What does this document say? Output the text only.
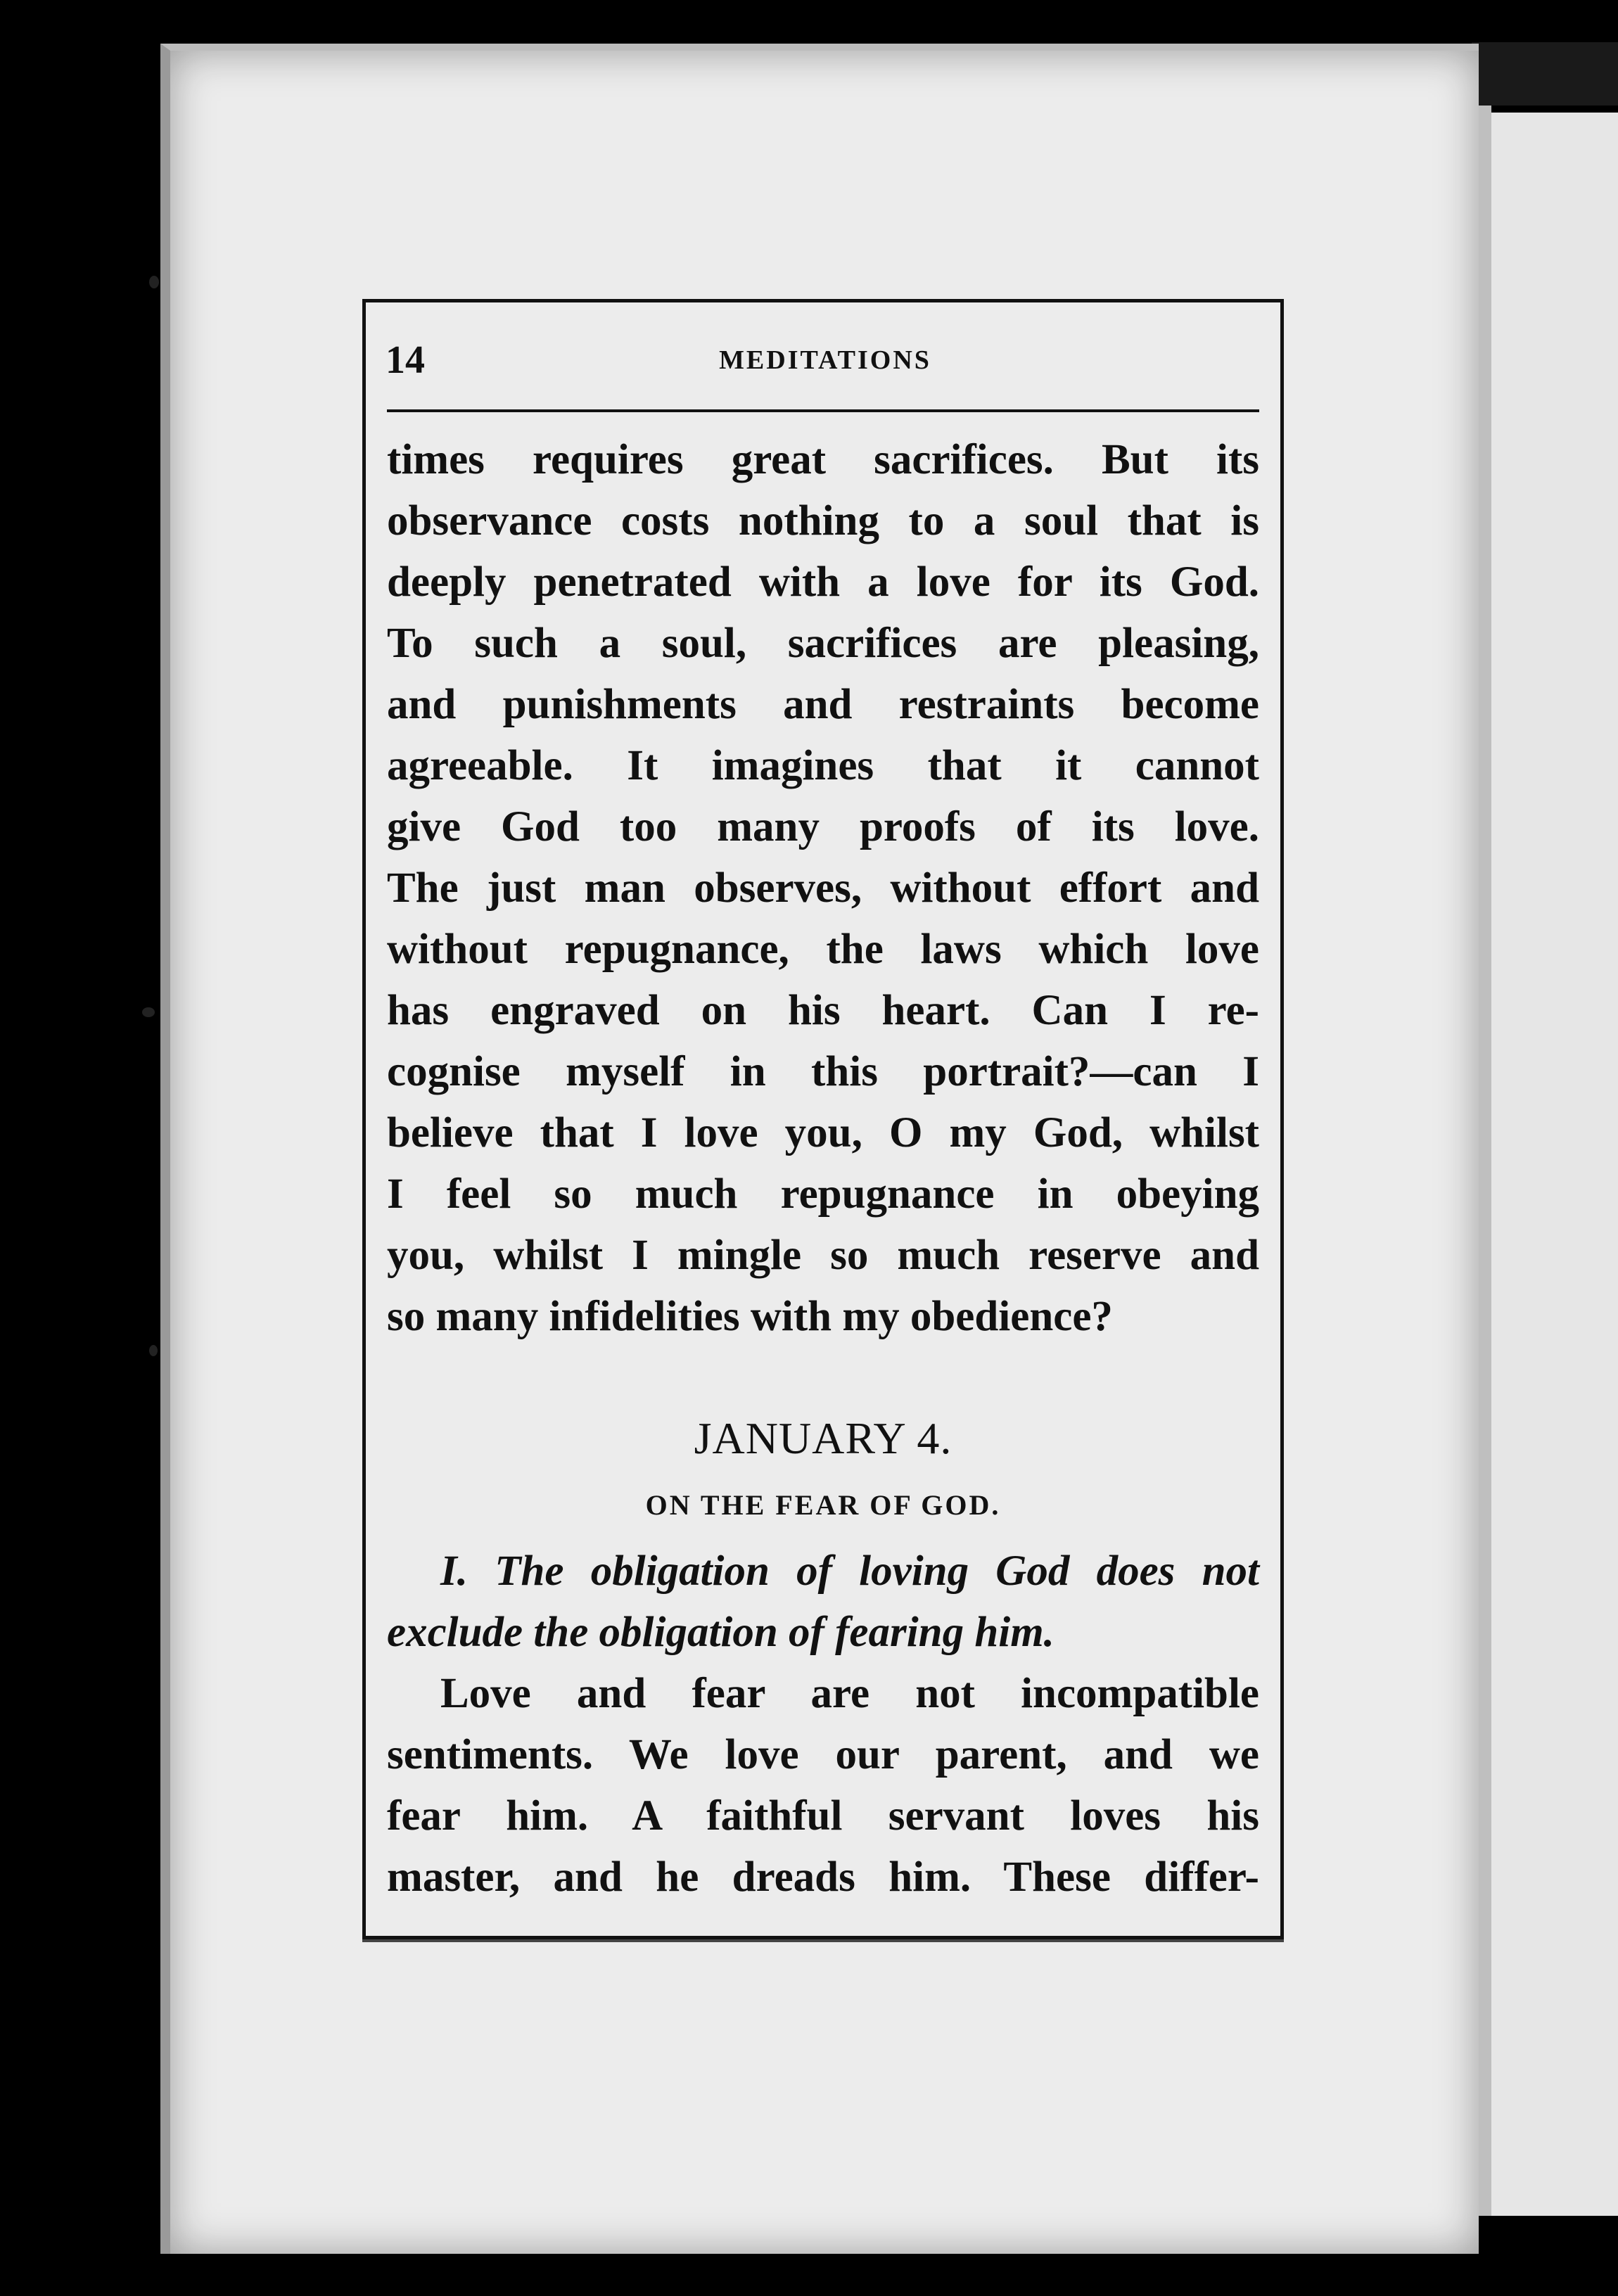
14	MEDITATIONS
times requires great sacrifices. But its
observance costs nothing to a soul that is
deeply penetrated with a love for its God.
To such a soul, sacrifices are pleasing,
and punishments and restraints become
agreeable. It imagines that it cannot
give God too many proofs of its love.
The just man observes, without effort and
without repugnance, the laws which love
has engraved on his heart. Can I re-
cognise myself in this portrait?—can I
believe that I love you, O my God, whilst
I feel so much repugnance in obeying
you, whilst I mingle so much reserve and
so many infidelities with my obedience?
JANUARY 4.
ON THE FEAR OF GOD.
I. The obligation of loving God does not
exclude the obligation of fearing him.
Love and fear are not incompatible
sentiments. We love our parent, and we
fear him. A faithful servant loves his
master, and he dreads him. These differ-
